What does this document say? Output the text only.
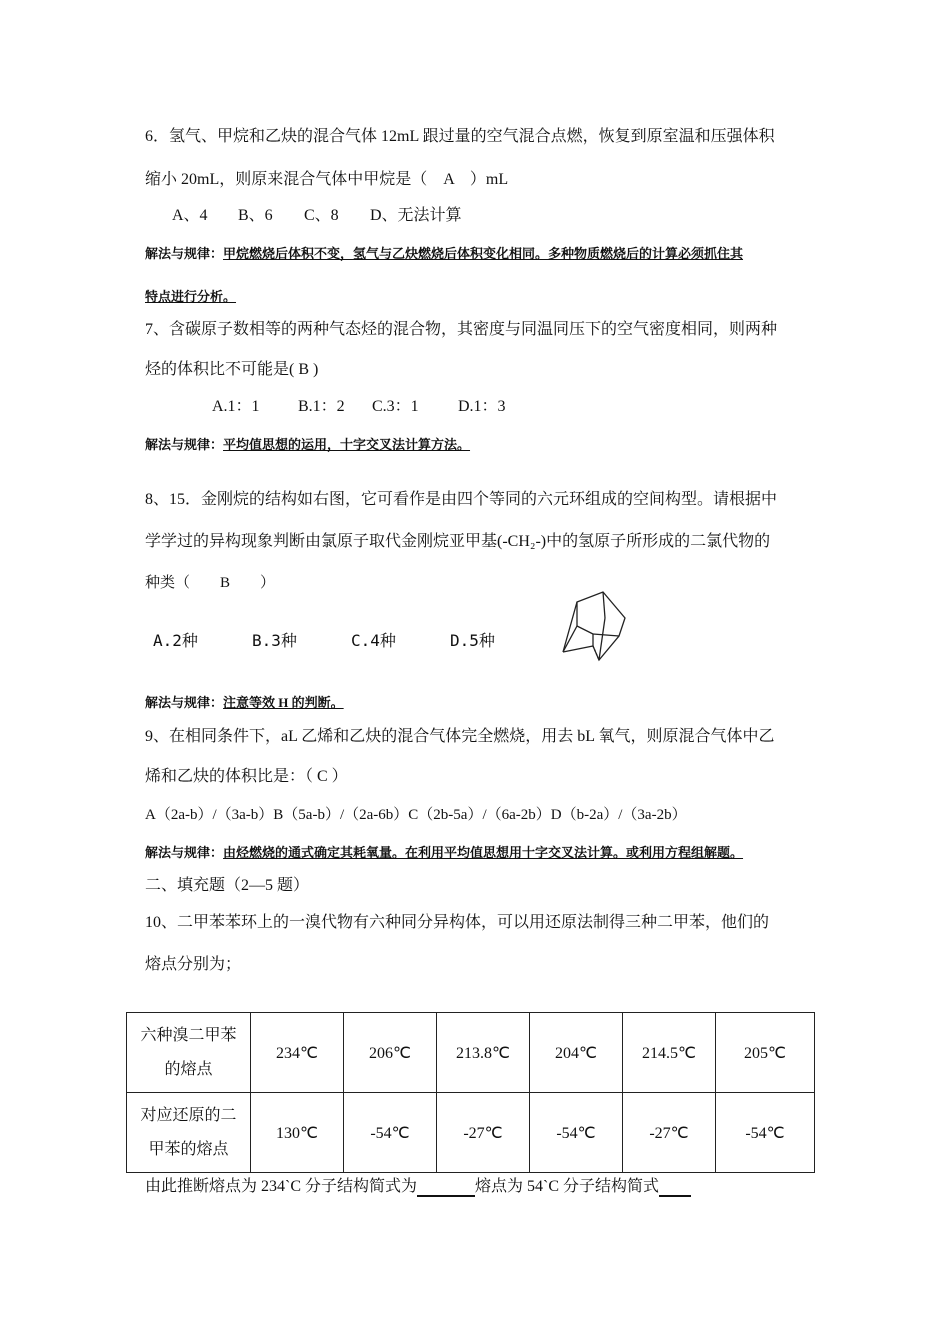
6．氢气、甲烷和乙炔的混合气体 12mL 跟过量的空气混合点燃，恢复到原室温和压强体积
缩小 20mL，则原来混合气体中甲烷是（　A　）mL
A、4 B、6 C、8 D、无法计算
解法与规律：甲烷燃烧后体积不变，氢气与乙炔燃烧后体积变化相同。多种物质燃烧后的计算必须抓住其
特点进行分析。
7、含碳原子数相等的两种气态烃的混合物，其密度与同温同压下的空气密度相同，则两种
烃的体积比不可能是( B )
A.1：1 B.1：2 C.3：1 D.1：3
解法与规律：平均值思想的运用，十字交叉法计算方法。
8、15．金刚烷的结构如右图，它可看作是由四个等同的六元环组成的空间构型。请根据中
学学过的异构现象判断由氯原子取代金刚烷亚甲基(-CH₂-)中的氢原子所形成的二氯代物的
种类（　　B　　）
A.2种	B.3种	C.4种	D.5种
解法与规律：注意等效 H 的判断。
9、在相同条件下，aL 乙烯和乙炔的混合气体完全燃烧，用去 bL 氧气，则原混合气体中乙
烯和乙炔的体积比是：（ C ）
A（2a-b）/（3a-b）B（5a-b）/（2a-6b）C（2b-5a）/（6a-2b）D（b-2a）/（3a-2b）
解法与规律：由烃燃烧的通式确定其耗氧量。在利用平均值思想用十字交叉法计算。或利用方程组解题。
二、填充题（2—5 题）
10、二甲苯苯环上的一溴代物有六种同分异构体，可以用还原法制得三种二甲苯，他们的
熔点分别为；
六种溴二甲苯
的熔点	234℃	206℃	213.8℃	204℃	214.5℃	205℃

对应还原的二
甲苯的熔点	130℃	-54℃	-27℃	-54℃	-27℃	-54℃
由此推断熔点为 234`C 分子结构简式为	熔点为 54`C 分子结构简式
